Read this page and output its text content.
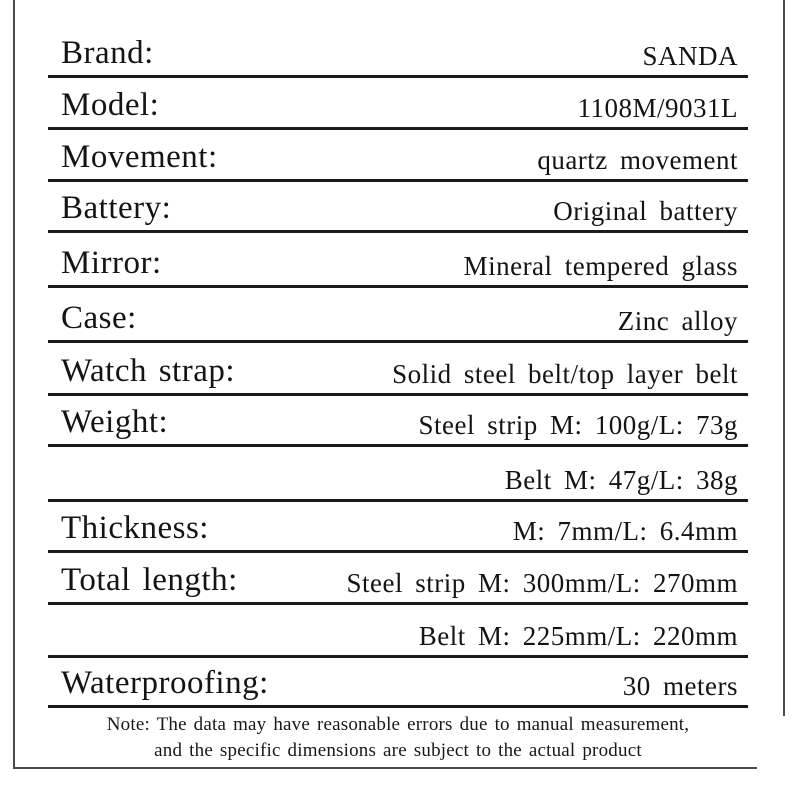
Brand:	SANDA
Model:	1108M/9031L
Movement:	quartz movement
Battery:	Original battery
Mirror:	Mineral tempered glass
Case:	Zinc alloy
Watch strap:	Solid steel belt/top layer belt
Weight:	Steel strip M: 100g/L: 73g
Belt M: 47g/L: 38g
Thickness:	M: 7mm/L: 6.4mm
Total length:	Steel strip M: 300mm/L: 270mm
Belt M: 225mm/L: 220mm
Waterproofing:	30 meters
Note: The data may have reasonable errors due to manual measurement,
and the specific dimensions are subject to the actual product
